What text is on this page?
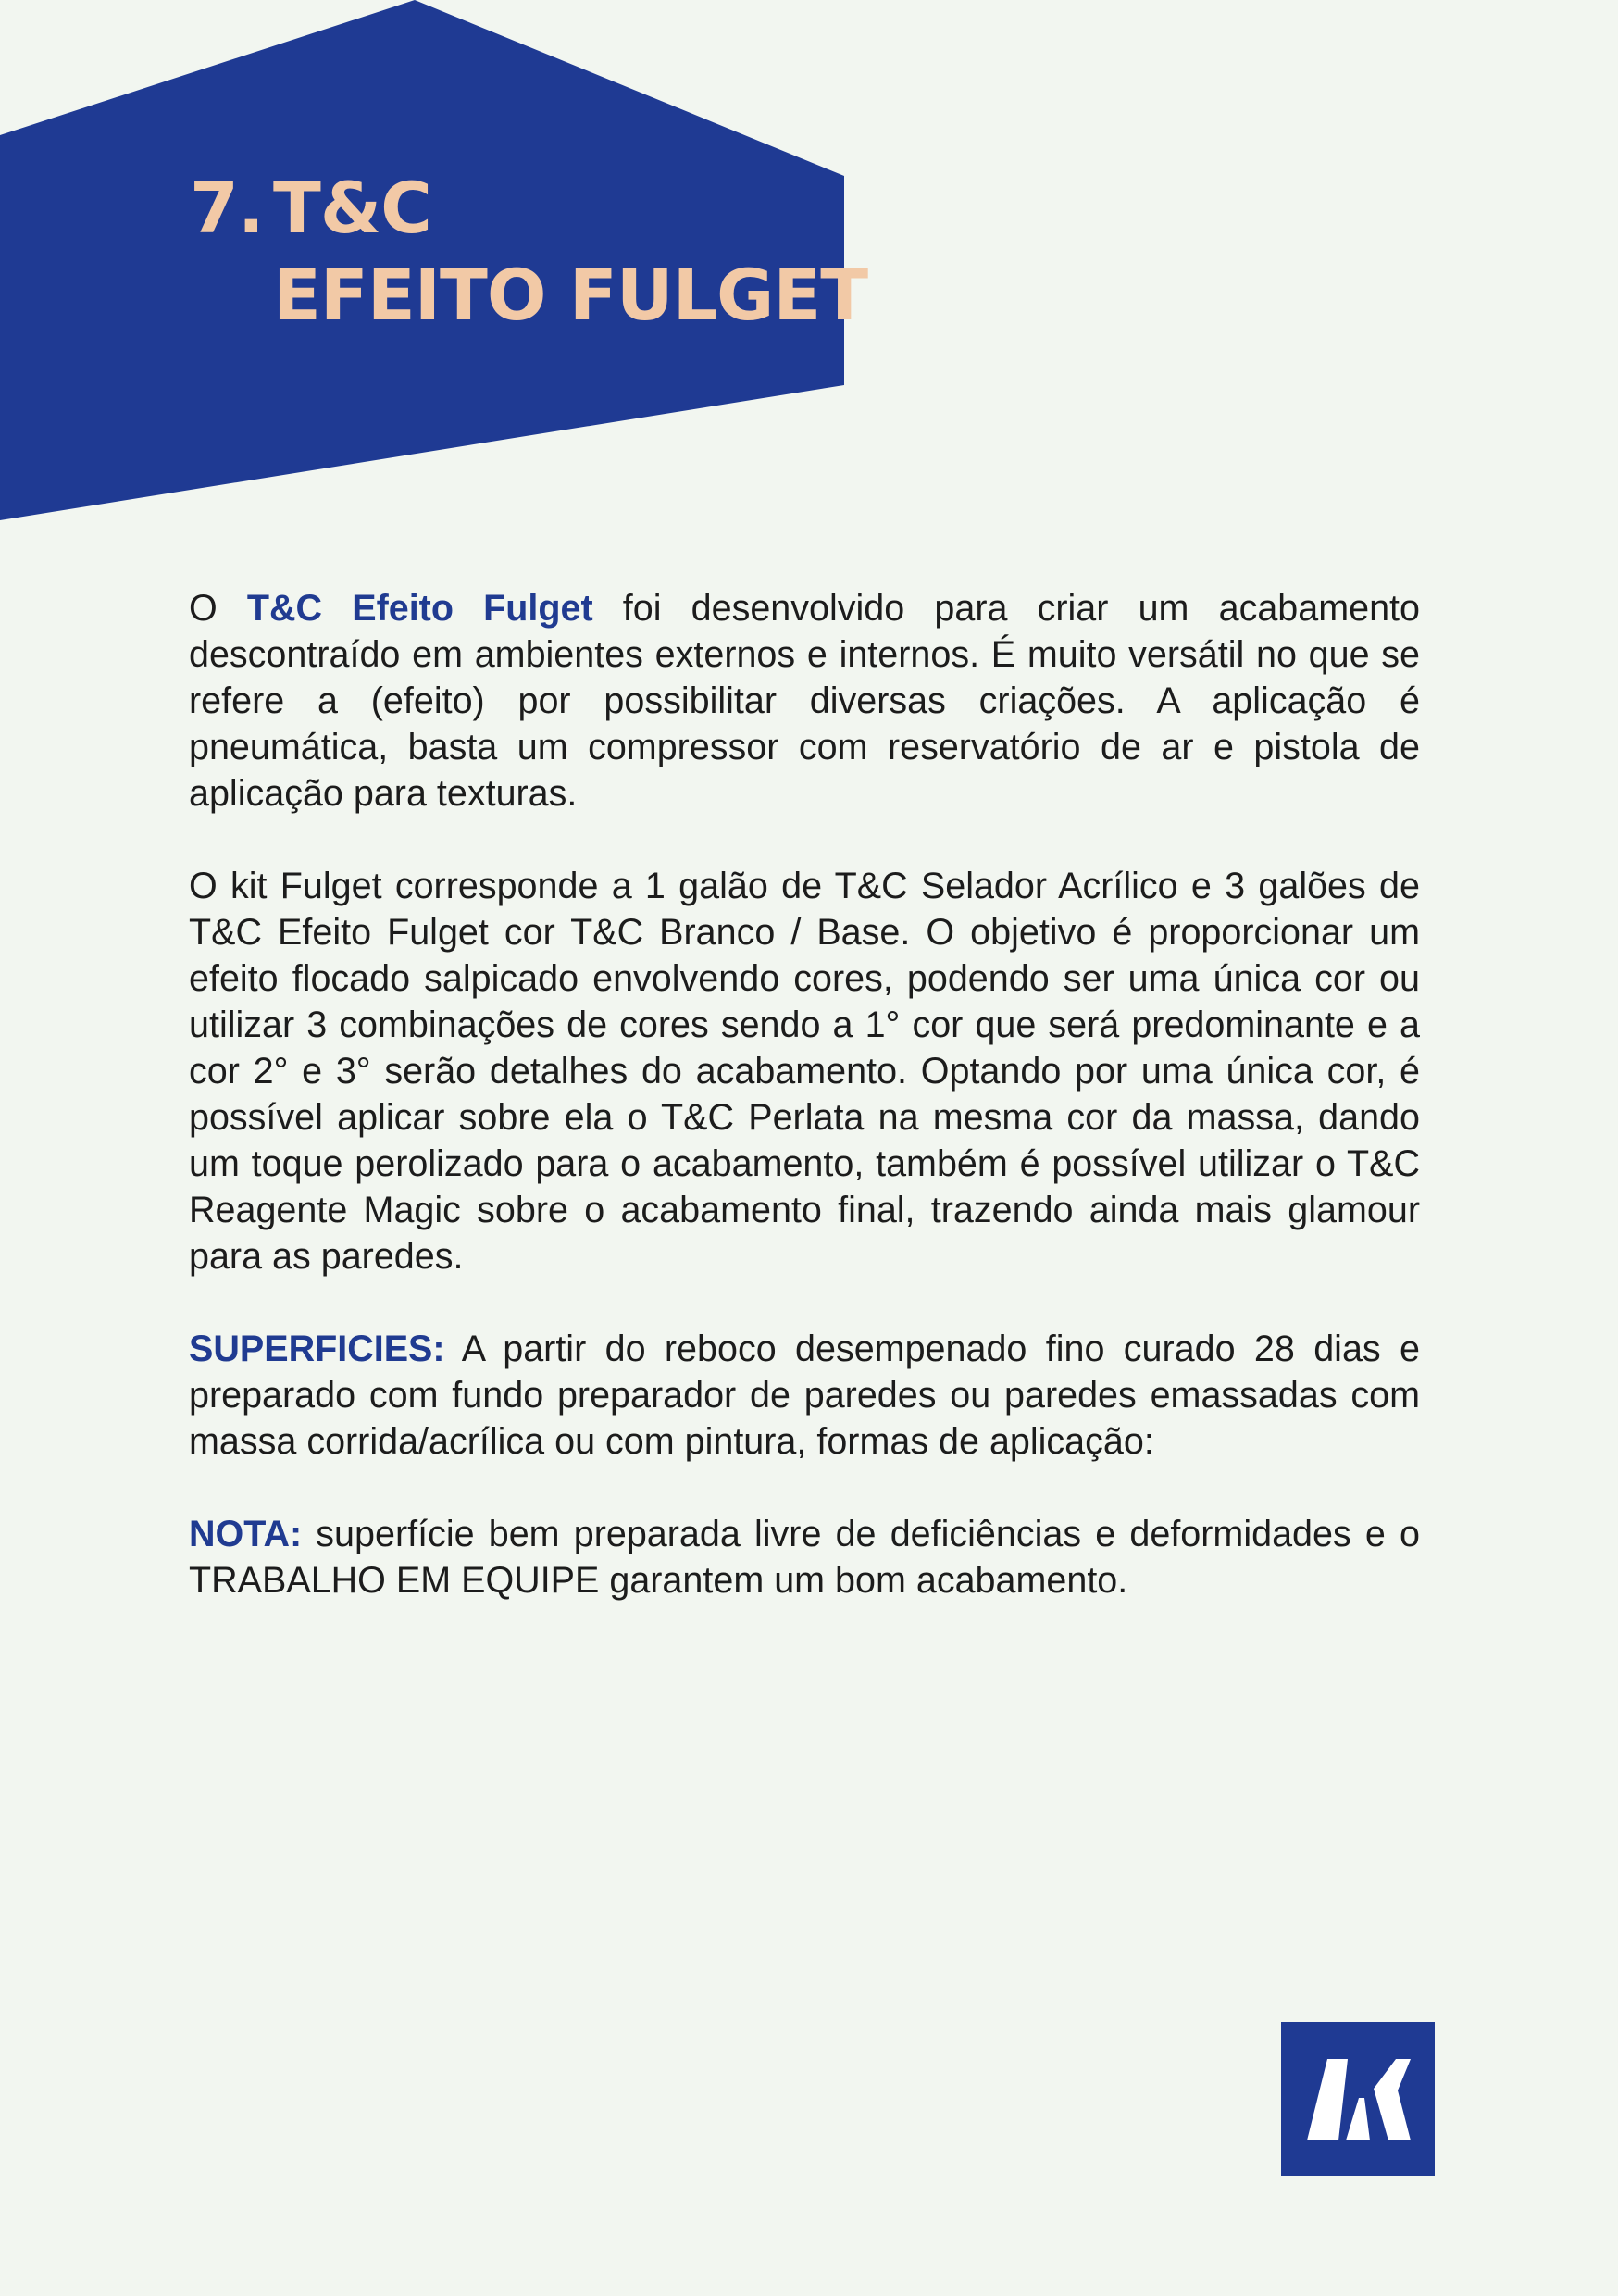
7. T&C
EFEITO FULGET

O T&C Efeito Fulget foi desenvolvido para criar um acabamento descontraído em ambientes externos e internos. É muito versátil no que se refere a (efeito) por possibilitar diversas criações. A aplicação é pneumática, basta um compressor com reservatório de ar e pistola de aplicação para texturas.

O kit Fulget corresponde a 1 galão de T&C Selador Acrílico e 3 galões de T&C Efeito Fulget cor T&C Branco / Base. O objetivo é proporcionar um efeito flocado salpicado envolvendo cores, podendo ser uma única cor ou utilizar 3 combinações de cores sendo a 1° cor que será predominante e a cor 2° e 3° serão detalhes do acabamento. Optando por uma única cor, é possível aplicar sobre ela o T&C Perlata na mesma cor da massa, dando um toque perolizado para o acabamento, também é possível utilizar o T&C Reagente Magic sobre o acabamento final, trazendo ainda mais glamour para as paredes.

SUPERFICIES: A partir do reboco desempenado fino curado 28 dias e preparado com fundo preparador de paredes ou paredes emassadas com massa corrida/acrílica ou com pintura, formas de aplicação:

NOTA: superfície bem preparada livre de deficiências e deformidades e o TRABALHO EM EQUIPE garantem um bom acabamento.
